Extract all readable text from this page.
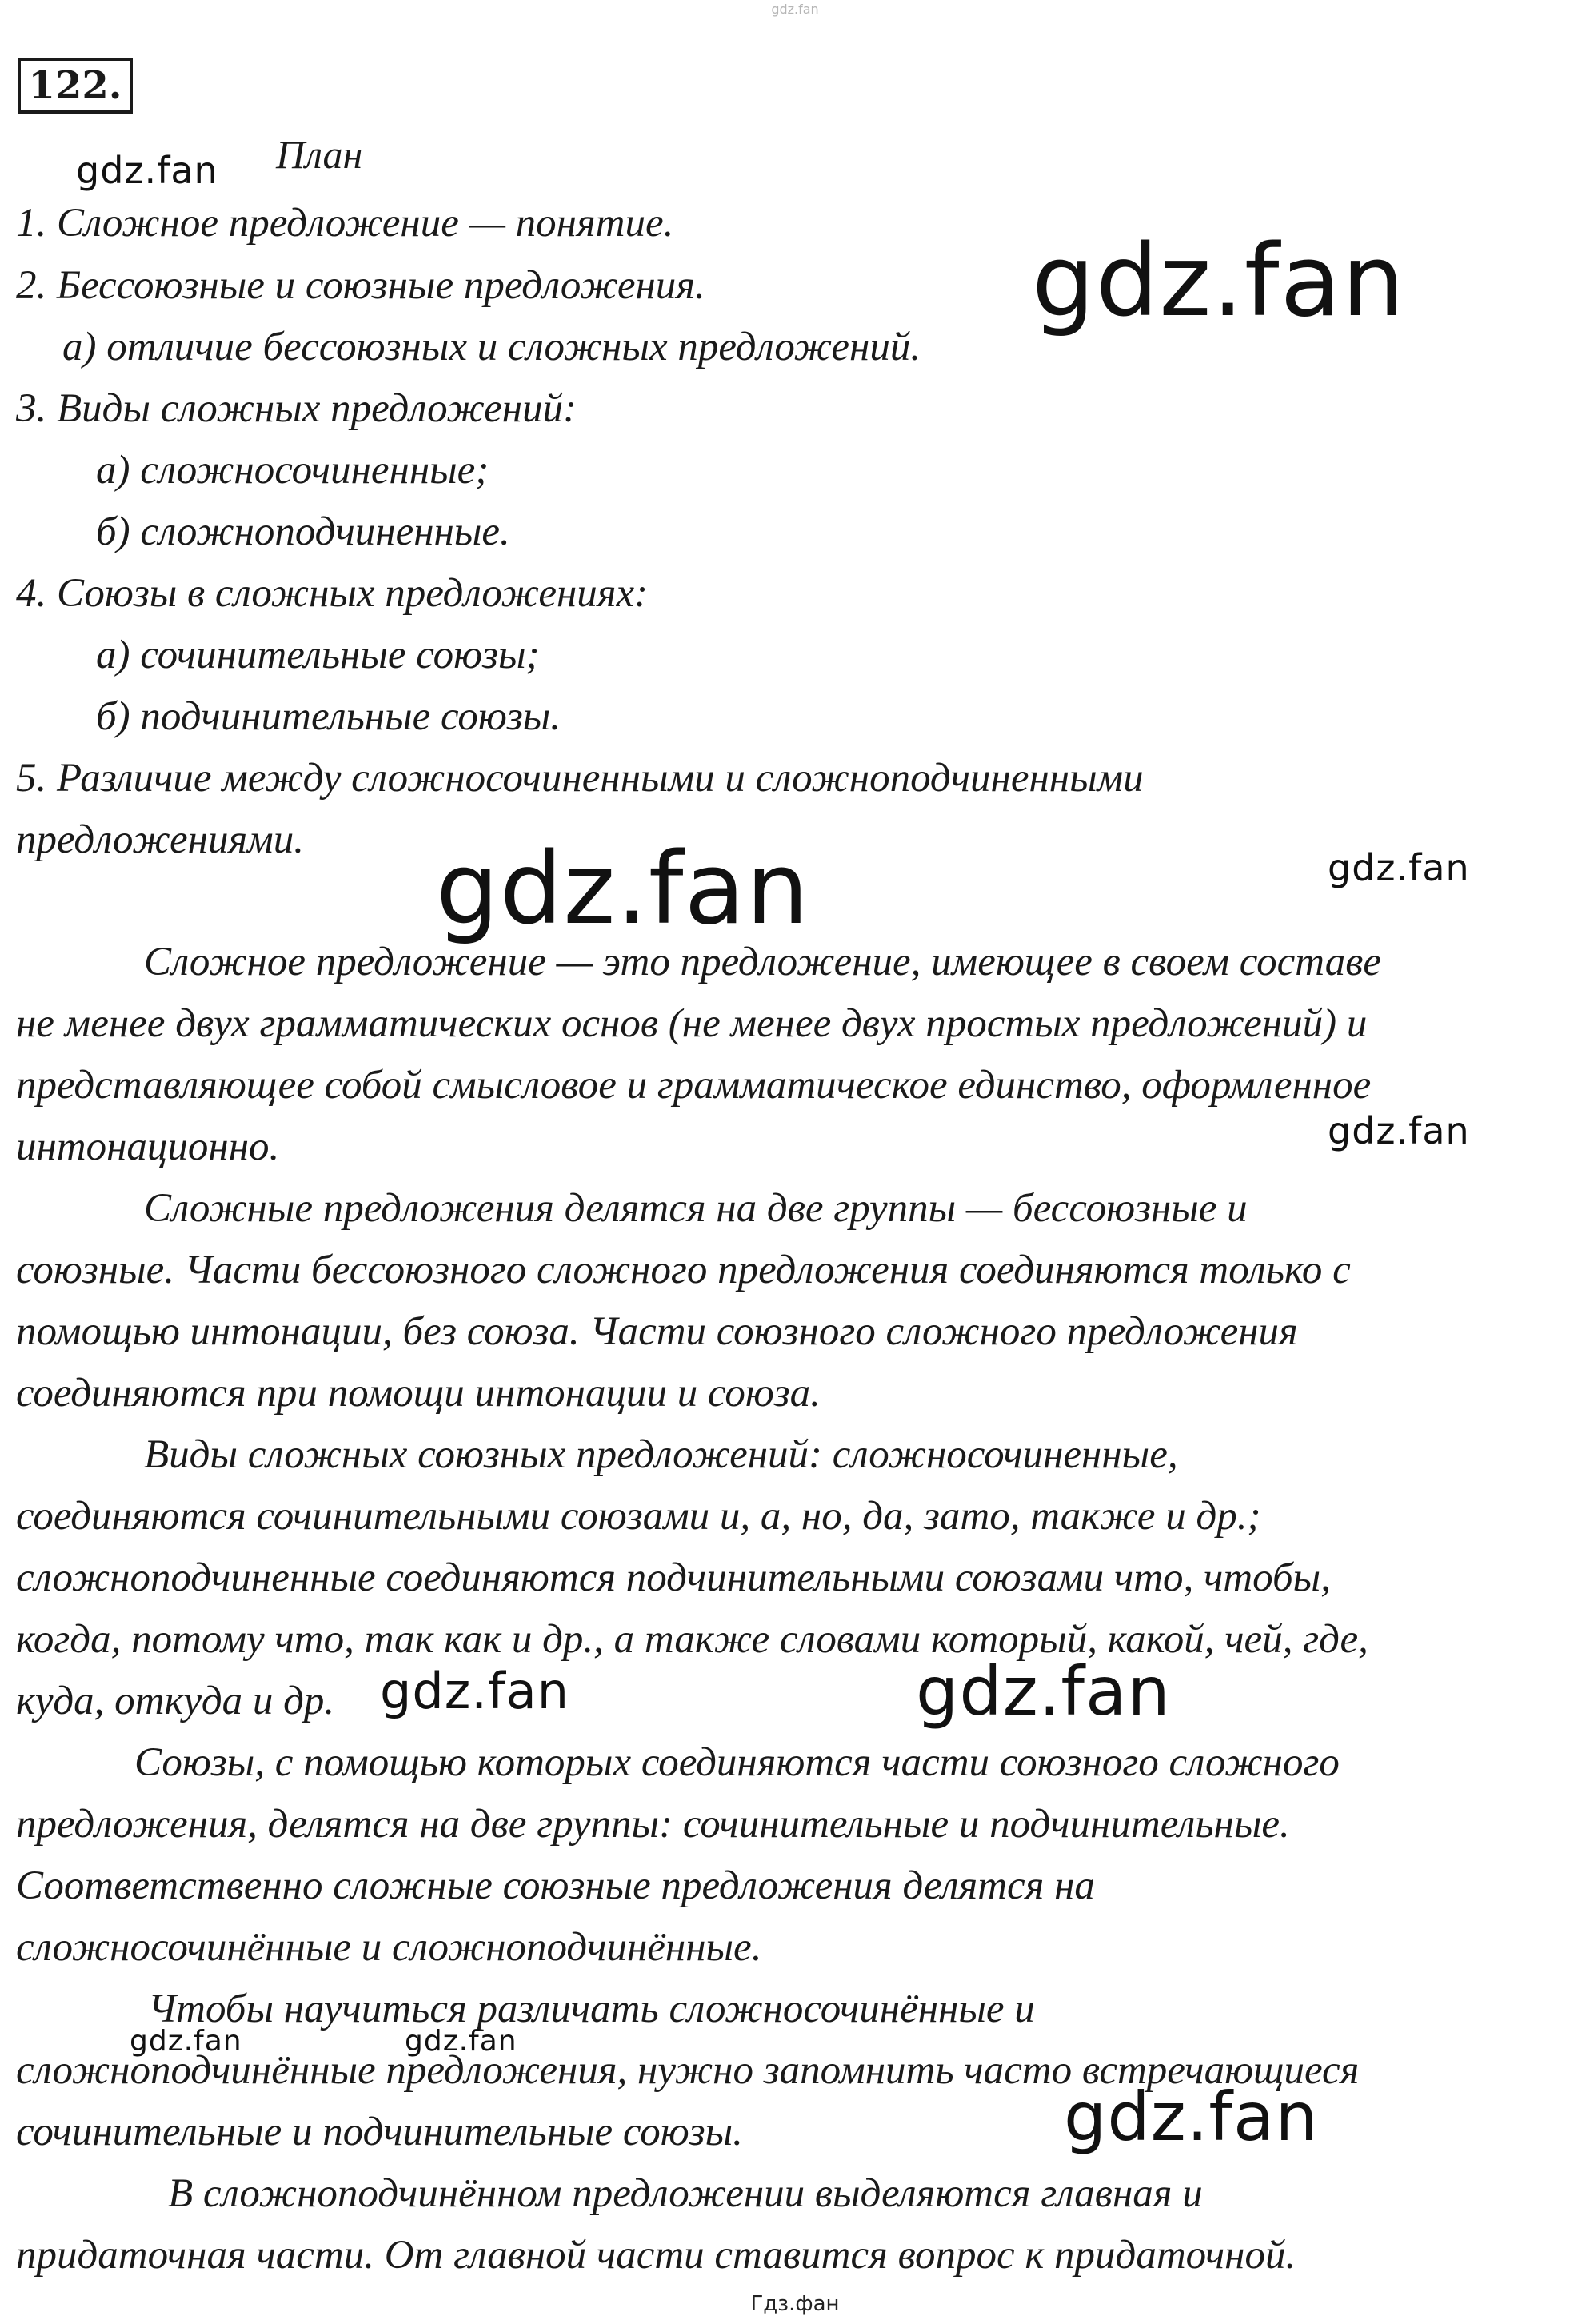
gdz.fan
122.
План
1. Сложное предложение — понятие.
2. Бессоюзные и союзные предложения.
а) отличие бессоюзных и сложных предложений.
3. Виды сложных предложений:
а) сложносочиненные;
б) сложноподчиненные.
4. Союзы в сложных предложениях:
а) сочинительные союзы;
б) подчинительные союзы.
5. Различие между сложносочиненными и сложноподчиненными
предложениями.
Сложное предложение — это предложение, имеющее в своем составе
не менее двух грамматических основ (не менее двух простых предложений) и
представляющее собой смысловое и грамматическое единство, оформленное
интонационно.
Сложные предложения делятся на две группы — бессоюзные и
союзные. Части бессоюзного сложного предложения соединяются только с
помощью интонации, без союза. Части союзного сложного предложения
соединяются при помощи интонации и союза.
Виды сложных союзных предложений: сложносочиненные,
соединяются сочинительными союзами и, а, но, да, зато, также и др.;
сложноподчиненные соединяются подчинительными союзами что, чтобы,
когда, потому что, так как и др., а также словами который, какой, чей, где,
куда, откуда и др.
Союзы, с помощью которых соединяются части союзного сложного
предложения, делятся на две группы: сочинительные и подчинительные.
Соответственно сложные союзные предложения делятся на
сложносочинённые и сложноподчинённые.
Чтобы научиться различать сложносочинённые и
сложноподчинённые предложения, нужно запомнить часто встречающиеся
сочинительные и подчинительные союзы.
В сложноподчинённом предложении выделяются главная и
придаточная части. От главной части ставится вопрос к придаточной.
gdz.fan
gdz.fan
gdz.fan	gdz.fan
gdz.fan
gdz.fan	gdz.fan
gdz.fan	gdz.fan
gdz.fan
Гдз.фан
